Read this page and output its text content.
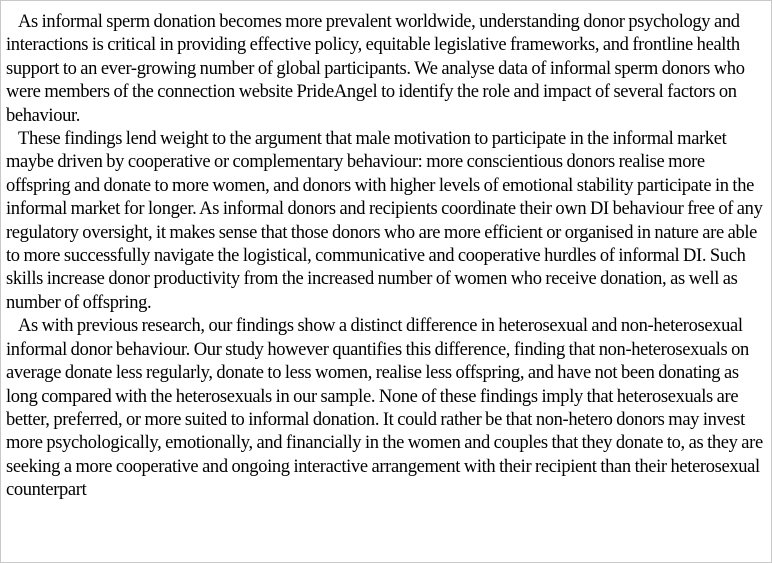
As informal sperm donation becomes more prevalent worldwide, understanding donor psychology and interactions is critical in providing effective policy, equitable legislative frameworks, and frontline health support to an ever-growing number of global participants. We analyse data of informal sperm donors who were members of the connection website PrideAngel to identify the role and impact of several factors on behaviour.

These findings lend weight to the argument that male motivation to participate in the informal market maybe driven by cooperative or complementary behaviour: more conscientious donors realise more offspring and donate to more women, and donors with higher levels of emotional stability participate in the informal market for longer. As informal donors and recipients coordinate their own DI behaviour free of any regulatory oversight, it makes sense that those donors who are more efficient or organised in nature are able to more successfully navigate the logistical, communicative and cooperative hurdles of informal DI. Such skills increase donor productivity from the increased number of women who receive donation, as well as number of offspring.

As with previous research, our findings show a distinct difference in heterosexual and non-heterosexual informal donor behaviour. Our study however quantifies this difference, finding that non-heterosexuals on average donate less regularly, donate to less women, realise less offspring, and have not been donating as long compared with the heterosexuals in our sample. None of these findings imply that heterosexuals are better, preferred, or more suited to informal donation. It could rather be that non-hetero donors may invest more psychologically, emotionally, and financially in the women and couples that they donate to, as they are seeking a more cooperative and ongoing interactive arrangement with their recipient than their heterosexual counterpart
